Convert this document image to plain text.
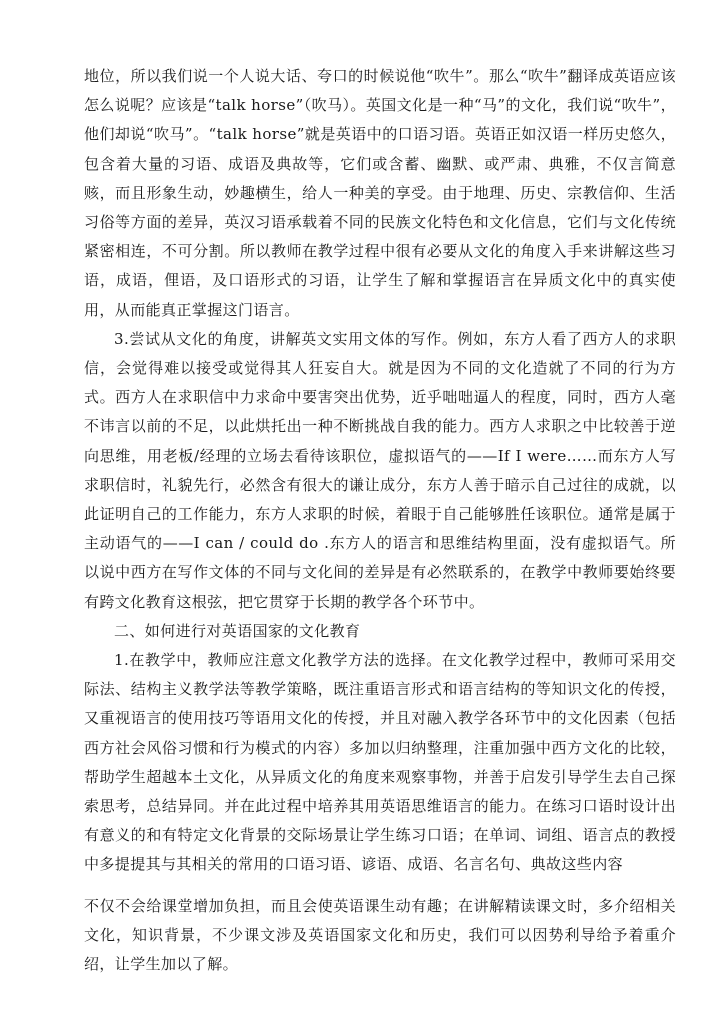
地位，所以我们说一个人说大话、夸口的时候说他“吹牛”。那么“吹牛”翻译成英语应该怎么说呢？应该是“talk horse”（吹马）。英国文化是一种“马”的文化，我们说“吹牛”，他们却说“吹马”。“talk horse”就是英语中的口语习语。英语正如汉语一样历史悠久，包含着大量的习语、成语及典故等，它们或含蓄、幽默、或严肃、典雅，不仅言简意赅，而且形象生动，妙趣横生，给人一种美的享受。由于地理、历史、宗教信仰、生活习俗等方面的差异，英汉习语承载着不同的民族文化特色和文化信息，它们与文化传统紧密相连，不可分割。所以教师在教学过程中很有必要从文化的角度入手来讲解这些习语，成语，俚语，及口语形式的习语，让学生了解和掌握语言在异质文化中的真实使用，从而能真正掌握这门语言。

3.尝试从文化的角度，讲解英文实用文体的写作。例如，东方人看了西方人的求职信，会觉得难以接受或觉得其人狂妄自大。就是因为不同的文化造就了不同的行为方式。西方人在求职信中力求命中要害突出优势，近乎咄咄逼人的程度，同时，西方人毫不讳言以前的不足，以此烘托出一种不断挑战自我的能力。西方人求职之中比较善于逆向思维，用老板/经理的立场去看待该职位，虚拟语气的——If I were……而东方人写求职信时，礼貌先行，必然含有很大的谦让成分，东方人善于暗示自己过往的成就，以此证明自己的工作能力，东方人求职的时候，着眼于自己能够胜任该职位。通常是属于主动语气的——I can / could do .东方人的语言和思维结构里面，没有虚拟语气。所以说中西方在写作文体的不同与文化间的差异是有必然联系的，在教学中教师要始终要有跨文化教育这根弦，把它贯穿于长期的教学各个环节中。

二、如何进行对英语国家的文化教育

1.在教学中，教师应注意文化教学方法的选择。在文化教学过程中，教师可采用交际法、结构主义教学法等教学策略，既注重语言形式和语言结构的等知识文化的传授，又重视语言的使用技巧等语用文化的传授，并且对融入教学各环节中的文化因素（包括西方社会风俗习惯和行为模式的内容）多加以归纳整理，注重加强中西方文化的比较，帮助学生超越本土文化，从异质文化的角度来观察事物，并善于启发引导学生去自己探索思考，总结异同。并在此过程中培养其用英语思维语言的能力。在练习口语时设计出有意义的和有特定文化背景的交际场景让学生练习口语；在单词、词组、语言点的教授中多提提其与其相关的常用的口语习语、谚语、成语、名言名句、典故这些内容

不仅不会给课堂增加负担，而且会使英语课生动有趣；在讲解精读课文时，多介绍相关文化，知识背景，不少课文涉及英语国家文化和历史，我们可以因势利导给予着重介绍，让学生加以了解。
